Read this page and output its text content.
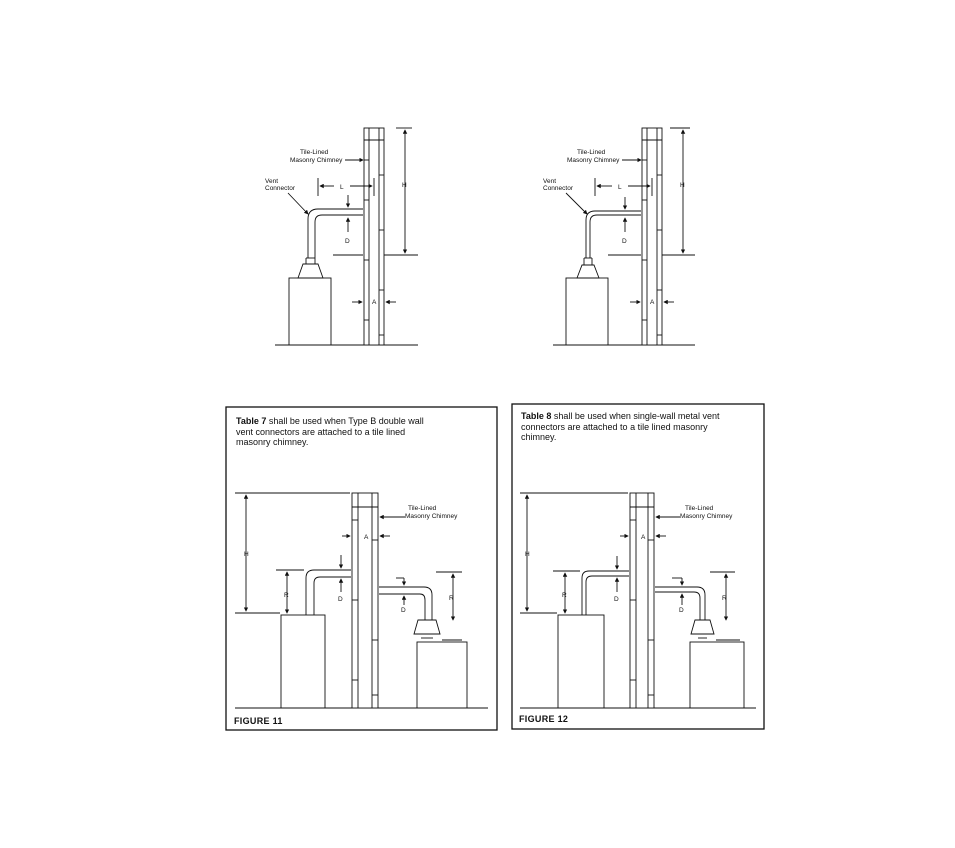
Tile-Lined
Masonry Chimney
Vent
Connector	L	H
D
A
Tile-Lined
Masonry Chimney
Vent
Connector	L	H
D
A
Tile-Lined
Masonry Chimney
H
A
R
D
D
R
Tile-Lined
Masonry Chimney
H
A
R
D
D
R
Table 7 shall be used when Type B double wall vent connectors are attached to a tile lined masonry chimney.
FIGURE 11
Table 8 shall be used when single-wall metal vent connectors are attached to a tile lined masonry chimney.
FIGURE 12
